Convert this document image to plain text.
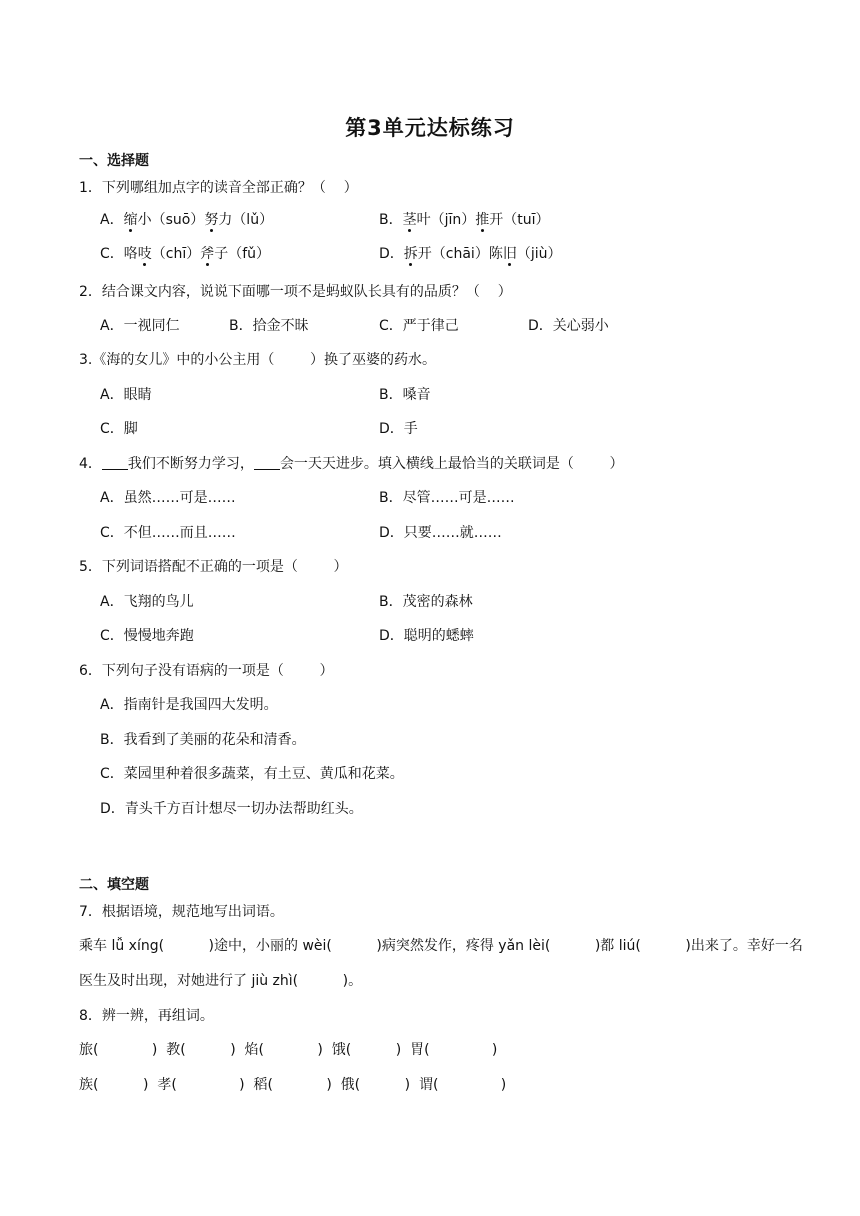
第3单元达标练习
一、选择题
1．下列哪组加点字的读音全部正确？（    ）
A．缩小（suō）努力（lǔ）	B．茎叶（jīn）推开（tuī）
C．咯吱（chī）斧子（fǔ）	D．拆开（chāi）陈旧（jiù）
2．结合课文内容，说说下面哪一项不是蚂蚁队长具有的品质？（    ）
A．一视同仁	B．拾金不昧	C．严于律己	D．关心弱小
3.《海的女儿》中的小公主用（        ）换了巫婆的药水。
A．眼睛	B．嗓音
C．脚	D．手
4． 我们不断努力学习， 会一天天进步。填入横线上最恰当的关联词是（        ）
A．虽然……可是……	B．尽管……可是……
C．不但……而且……	D．只要……就……
5．下列词语搭配不正确的一项是（        ）
A．飞翔的鸟儿	B．茂密的森林
C．慢慢地奔跑	D．聪明的蟋蟀
6．下列句子没有语病的一项是（        ）
A．指南针是我国四大发明。
B．我看到了美丽的花朵和清香。
C．菜园里种着很多蔬菜，有土豆、黄瓜和花菜。
D．青头千方百计想尽一切办法帮助红头。
二、填空题
7．根据语境，规范地写出词语。
乘车 lǚ xíng(          )途中，小丽的 wèi(          )病突然发作，疼得 yǎn lèi(          )都 liú(          )出来了。幸好一名
医生及时出现，对她进行了 jiù zhì(          )。
8．辨一辨，再组词。
旅(            )  教(          )  焰(            )  饿(          )  胃(              )
族(          )  孝(              )  稻(            )  俄(          )  谓(              )
